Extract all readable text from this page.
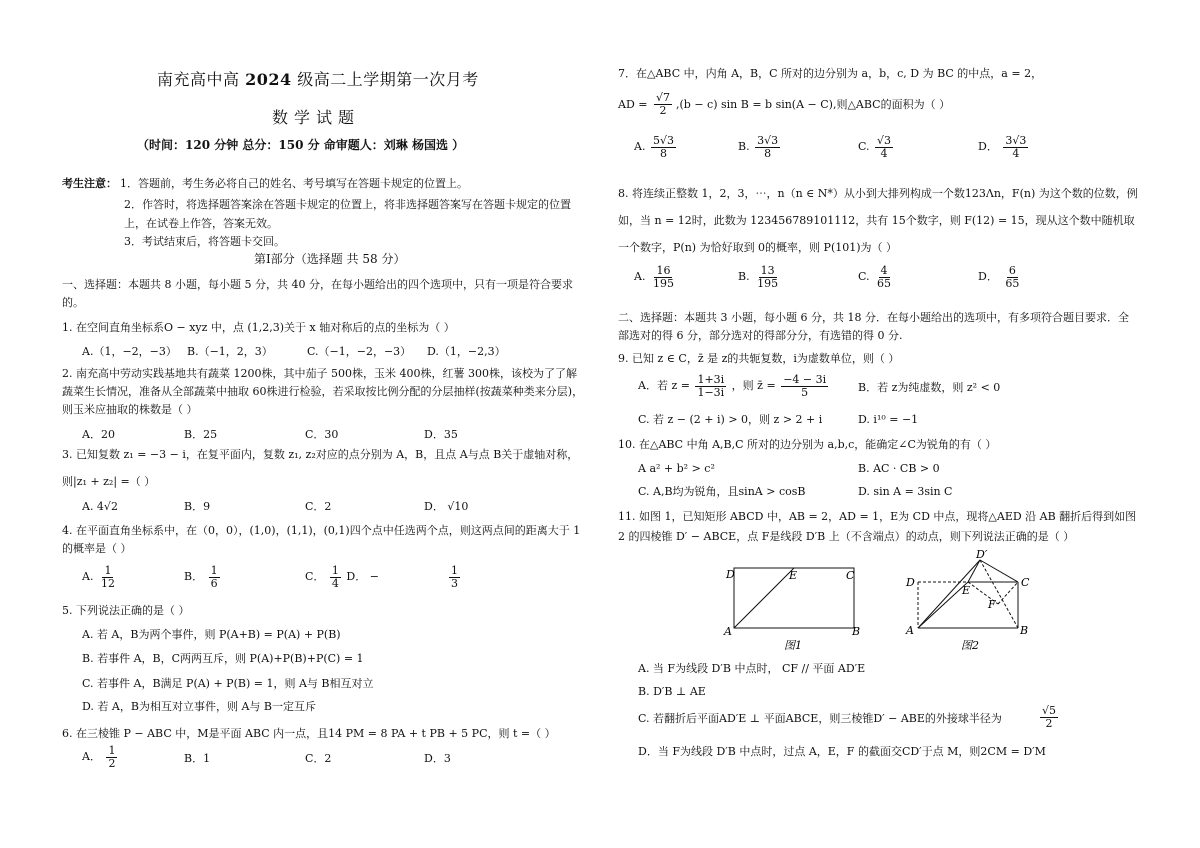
南充高中高 2024 级高二上学期第一次月考
数学试题
（时间：120 分钟 总分：150 分 命审题人：刘琳 杨国选 ）
考生注意： 1．答题前，考生务必将自己的姓名、考号填写在答题卡规定的位置上。
2．作答时，将选择题答案涂在答题卡规定的位置上，将非选择题答案写在答题卡规定的位置上，在试卷上作答，答案无效。
3．考试结束后，将答题卡交回。
第Ⅰ部分（选择题 共 58 分）
一、选择题：本题共 8 小题，每小题 5 分，共 40 分，在每小题给出的四个选项中，只有一项是符合要求的。
1. 在空间直角坐标系O − xyz 中，点 (1,2,3)关于 x 轴对称后的点的坐标为（ ）
A.（1，−2，−3） B.（−1，2，3）	C.（−1，−2，−3） D.（1，−2,3）
2. 南充高中劳动实践基地共有蔬菜 1200株，其中茄子 500株，玉米 400株，红薯 300株，该校为了了解蔬菜生长情况，准备从全部蔬菜中抽取 60株进行检验，若采取按比例分配的分层抽样(按蔬菜种类来分层)，则玉米应抽取的株数是（ ）
A．20	B．25	C．30	D．35
3. 已知复数 z₁ = −3 − i，在复平面内，复数 z₁, z₂对应的点分别为 A，B，且点 A与点 B关于虚轴对称，
则|z₁ + z₂| =（ ）
A. 4√2	B．9	C．2	D． √10
4. 在平面直角坐标系中，在（0，0），(1,0)，(1,1)，(0,1)四个点中任选两个点，则这两点间的距离大于 1的概率是（ ）
A. $\frac{1}{12}$	B． $\frac{1}{6}$	C． $\frac{1}{4}$ D． −	$\frac{1}{3}$
5. 下列说法正确的是（ ）
A. 若 A，B为两个事件，则 P(A+B) = P(A) + P(B)
B. 若事件 A，B，C两两互斥，则 P(A)+P(B)+P(C) = 1
C. 若事件 A，B满足 P(A) + P(B) = 1，则 A与 B相互对立
D. 若 A，B为相互对立事件，则 A与 B一定互斥
6. 在三棱锥 P − ABC 中，M是平面 ABC 内一点，且14 PM = 8 PA + t PB + 5 PC，则 t =（ ）
A． $\frac{1}{2}$	B．1	C．2	D．3
7．在△ABC 中，内角 A，B，C 所对的边分别为 a，b，c, D 为 BC 的中点，a = 2，
AD = $\frac{√7}{2} ,(b - c)$ sin B = b sin(A − C),则△ABC的面积为（ ）
A. $\frac{5√3}{8}$	B. $\frac{3√3}{8}$	C. $\frac{√3}{4}$	D． $\frac{3√3}{4}$
8. 将连续正整数 1，2，3，⋯，n（n ∈ N*）从小到大排列构成一个数123Λn，F(n) 为这个数的位数，例如，当 n = 12时，此数为 123456789101112，共有 15个数字，则 F(12) = 15，现从这个数中随机取一个数字，P(n) 为恰好取到 0的概率，则 P(101)为（ ）
A. $\frac{16}{195}$	B. $\frac{13}{195}$	C. $\frac{4}{65}$	D． $\frac{6}{65}$
二、选择题：本题共 3 小题，每小题 6 分，共 18 分．在每小题给出的选项中，有多项符合题目要求．全部选对的得 6 分，部分选对的得部分分，有选错的得 0 分.
9. 已知 z ∈ C，z̄ 是 z的共轭复数，i为虚数单位，则（ ）
A．若 $z = \frac{1+3i}{1-3i}$ ，则 z̄ = $\frac{-4 - 3i}{5}$	B．若 z为纯虚数，则 z² < 0
C. 若 z − (2 + i) > 0，则 z > 2 + i	D. i¹⁰ = −1
10. 在△ABC 中角 A,B,C 所对的边分别为 a,b,c，能确定∠C为锐角的有（ ）
A a² + b² > c²	B. AC · CB > 0
C. A,B均为锐角，且sinA > cosB	D. sin A = 3sin C
11. 如图 1，已知矩形 ABCD 中，AB = 2，AD = 1，E为 CD 中点，现将△AED 沿 AB 翻折后得到如图 2 的四棱锥 D′ − ABCE，点 F是线段 D′B 上（不含端点）的动点，则下列说法正确的是（ ）
D	E	C
A	B
图1
D′
D
E
C
F
A	B
图2
A. 当 F为线段 D′B 中点时， CF // 平面 AD′E
B. D′B ⊥ AE
C. 若翻折后平面AD′E ⊥ 平面ABCE，则三棱锥D′ − ABE的外接球半径为	$\frac{√5}{2}$
D．当 F为线段 D′B 中点时，过点 A，E，F 的截面交CD′于点 M，则2CM = D′M
